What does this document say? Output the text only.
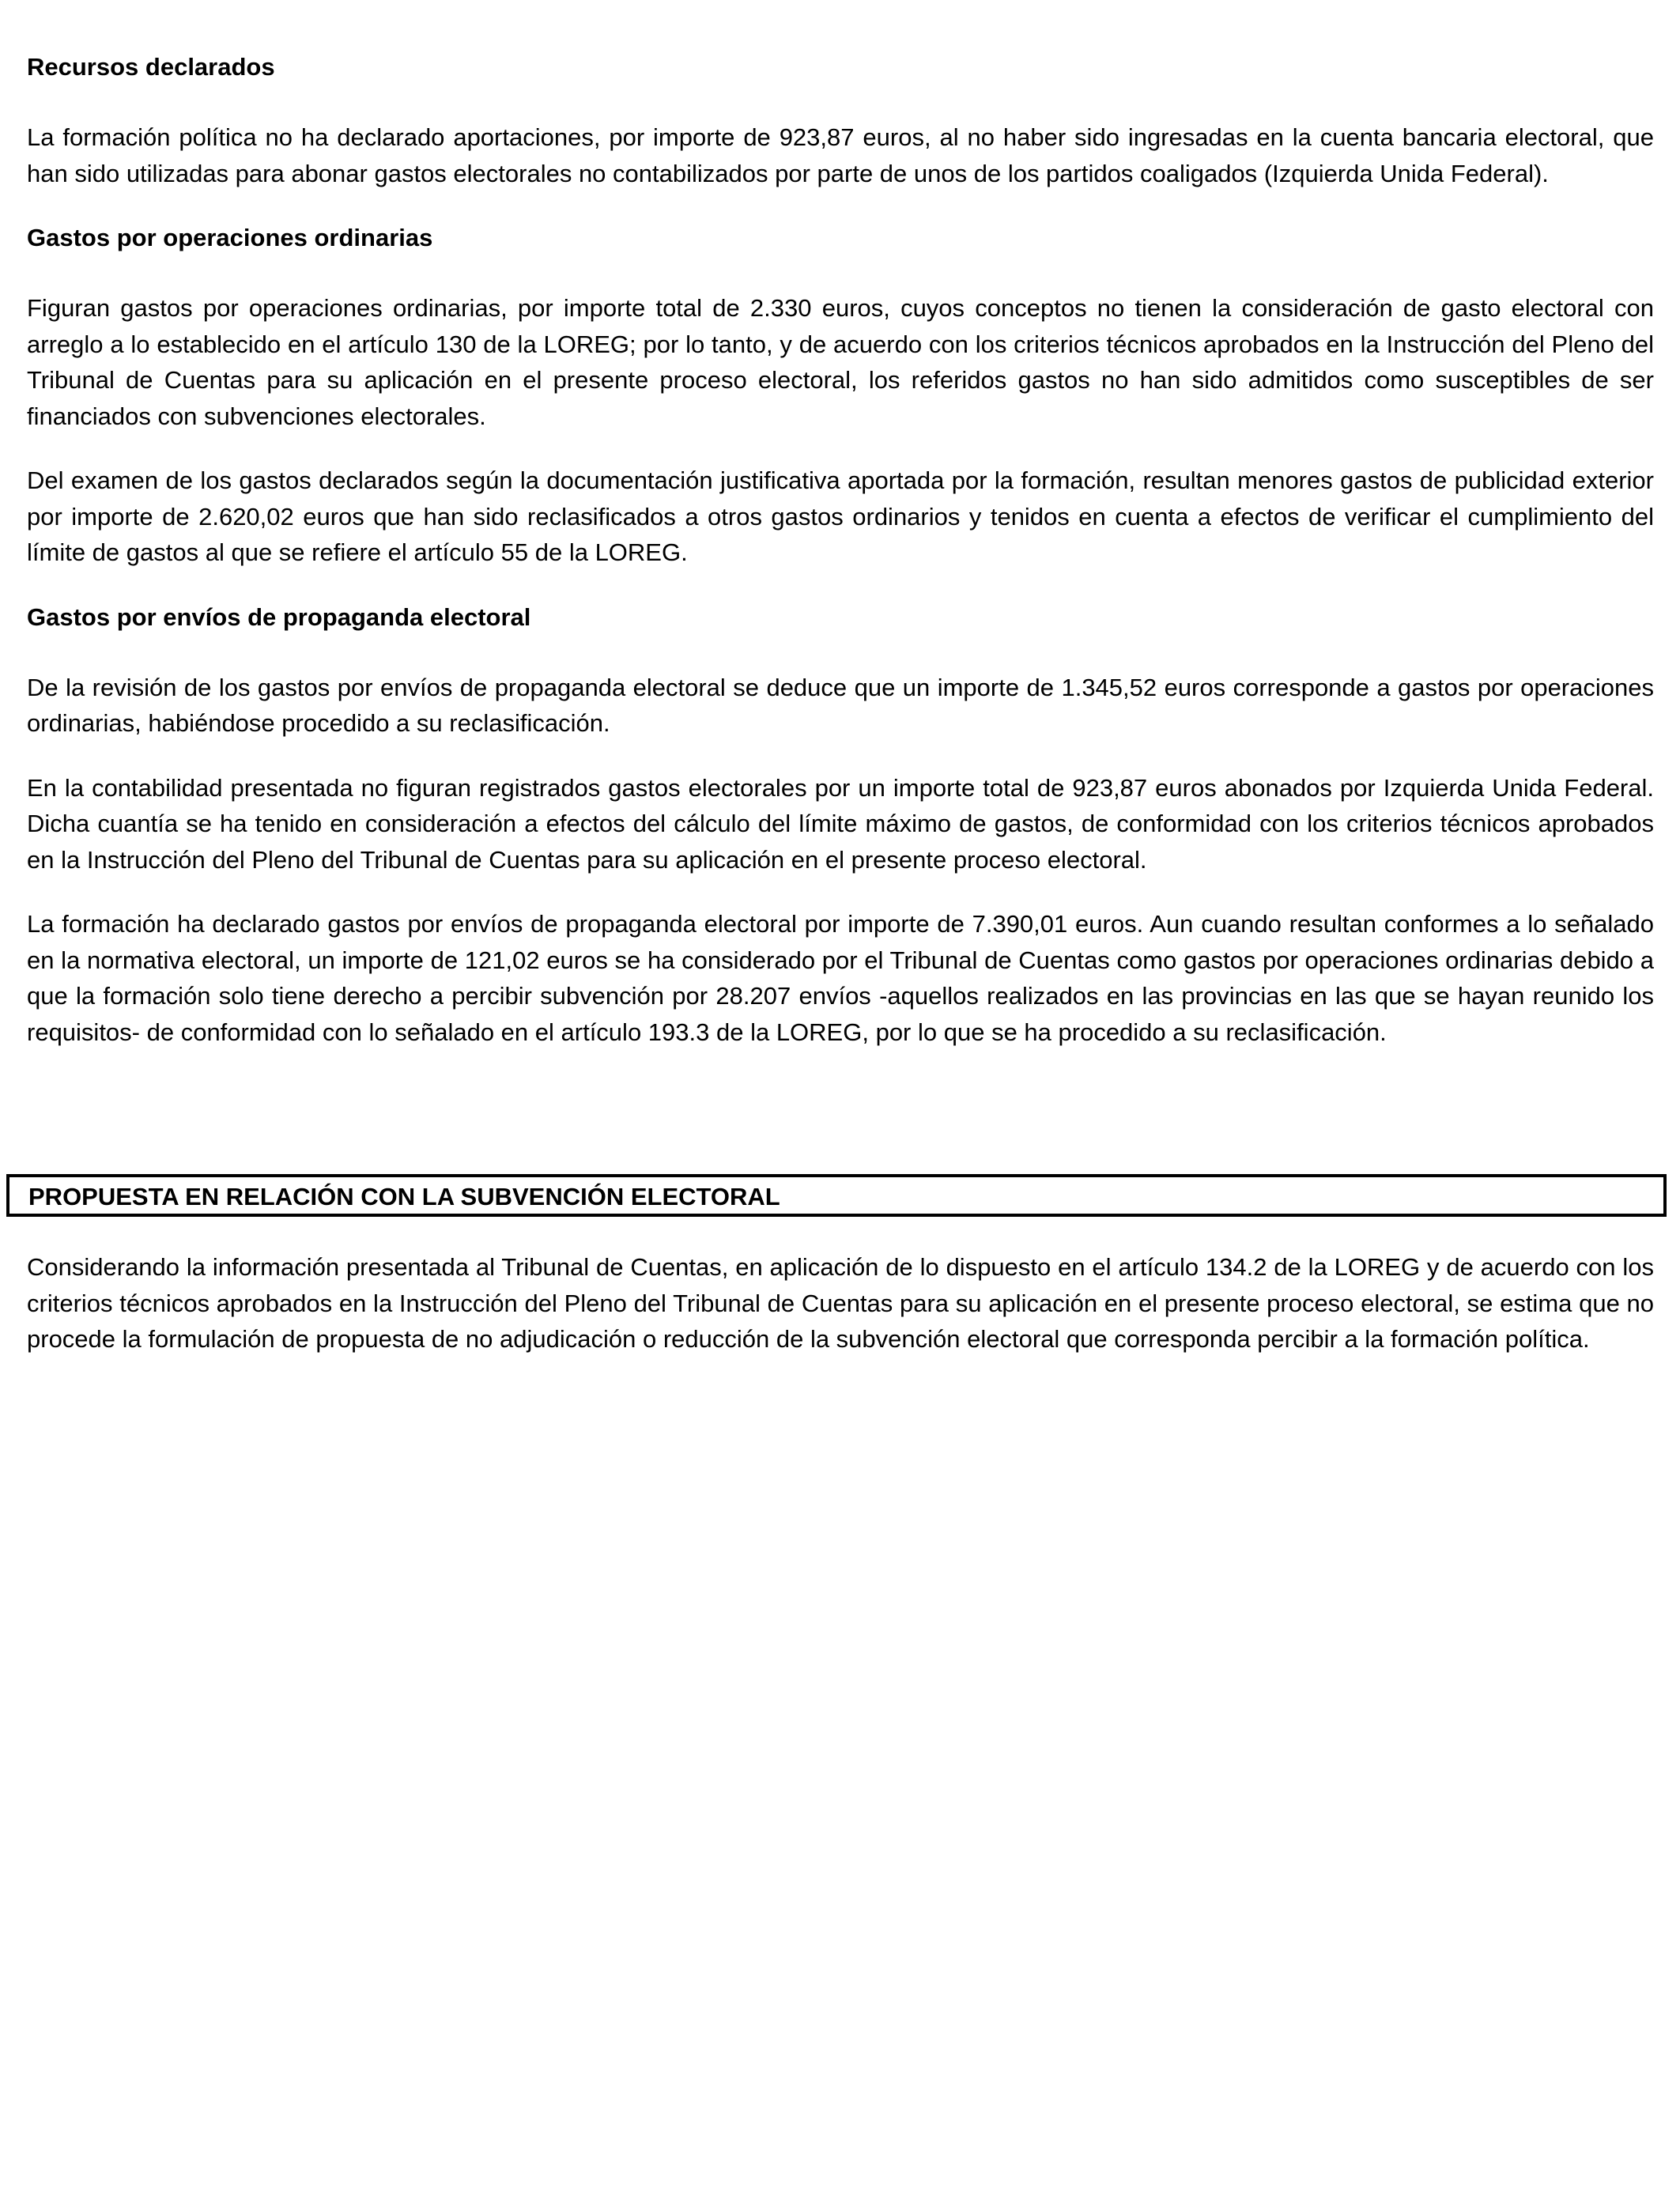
Recursos declarados

La formación política no ha declarado aportaciones, por importe de 923,87 euros, al no haber sido ingresadas en la cuenta bancaria electoral, que han sido utilizadas para abonar gastos electorales no contabilizados por parte de unos de los partidos coaligados (Izquierda Unida Federal).

Gastos por operaciones ordinarias

Figuran gastos por operaciones ordinarias, por importe total de 2.330 euros, cuyos conceptos no tienen la consideración de gasto electoral con arreglo a lo establecido en el artículo 130 de la LOREG; por lo tanto, y de acuerdo con los criterios técnicos aprobados en la Instrucción del Pleno del Tribunal de Cuentas para su aplicación en el presente proceso electoral, los referidos gastos no han sido admitidos como susceptibles de ser financiados con subvenciones electorales.

Del examen de los gastos declarados según la documentación justificativa aportada por la formación, resultan menores gastos de publicidad exterior por importe de 2.620,02 euros que han sido reclasificados a otros gastos ordinarios y tenidos en cuenta a efectos de verificar el cumplimiento del límite de gastos al que se refiere el artículo 55 de la LOREG.

Gastos por envíos de propaganda electoral

De la revisión de los gastos por envíos de propaganda electoral se deduce que un importe de 1.345,52 euros corresponde a gastos por operaciones ordinarias, habiéndose procedido a su reclasificación.

En la contabilidad presentada no figuran registrados gastos electorales por un importe total de 923,87 euros abonados por Izquierda Unida Federal. Dicha cuantía se ha tenido en consideración a efectos del cálculo del límite máximo de gastos, de conformidad con los criterios técnicos aprobados en la Instrucción del Pleno del Tribunal de Cuentas para su aplicación en el presente proceso electoral.

La formación ha declarado gastos por envíos de propaganda electoral por importe de 7.390,01 euros. Aun cuando resultan conformes a lo señalado en la normativa electoral, un importe de 121,02 euros se ha considerado por el Tribunal de Cuentas como gastos por operaciones ordinarias debido a que la formación solo tiene derecho a percibir subvención por 28.207 envíos -aquellos realizados en las provincias en las que se hayan reunido los requisitos- de conformidad con lo señalado en el artículo 193.3 de la LOREG, por lo que se ha procedido a su reclasificación.

PROPUESTA EN RELACIÓN CON LA SUBVENCIÓN ELECTORAL

Considerando la información presentada al Tribunal de Cuentas, en aplicación de lo dispuesto en el artículo 134.2 de la LOREG y de acuerdo con los criterios técnicos aprobados en la Instrucción del Pleno del Tribunal de Cuentas para su aplicación en el presente proceso electoral, se estima que no procede la formulación de propuesta de no adjudicación o reducción de la subvención electoral que corresponda percibir a la formación política.
